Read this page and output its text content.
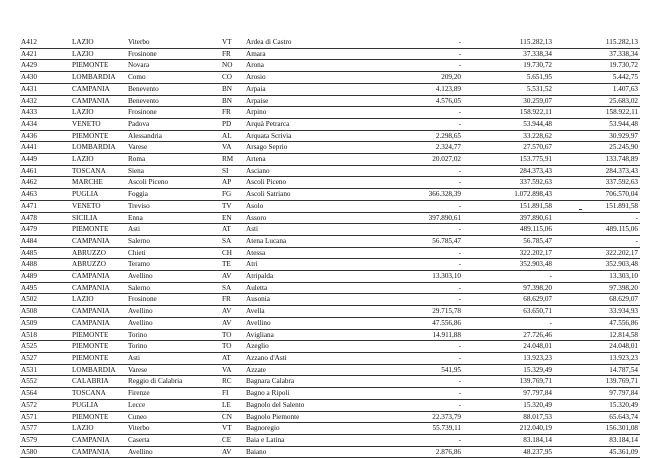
A412	LAZIO	Viterbo	VT	Ardea di Castro	-	115.282,13	115.282,13
A421	LAZIO	Frosinone	FR	Amara	-	37.338,34	37.338,34
A429	PIEMONTE	Novara	NO	Arona	-	19.730,72	19.730,72
A430	LOMBARDIA	Como	CO	Arosio	209,20	5.651,95	5.442,75
A431	CAMPANIA	Benevento	BN	Arpaia	4.123,89	5.531,52	1.407,63
A432	CAMPANIA	Benevento	BN	Arpaise	4.576,05	30.259,07	25.683,02
A433	LAZIO	Frosinone	FR	Arpino	-	158.922,11	158.922,11
A434	VENETO	Padova	PD	Arquà Petrarca	-	53.944,48	53.944,48
A436	PIEMONTE	Alessandria	AL	Arquata Scrivia	2.298,65	33.228,62	30.929,97
A441	LOMBARDIA	Varese	VA	Arsago Seprio	2.324,77	27.570,67	25.245,90
A449	LAZIO	Roma	RM	Artena	20.027,02	153.775,91	133.748,89
A461	TOSCANA	Siena	SI	Asciano	-	284.373,43	284.373,43
A462	MARCHE	Ascoli Piceno	AP	Ascoli Piceno	-	337.592,63	337.592,63
A463	PUGLIA	Foggia	FG	Ascoli Satriano	366.328,39	1.072.898,43	706.570,04
A471	VENETO	Treviso	TV	Asolo	-	151.891,58	151.891,58
A478	SICILIA	Enna	EN	Assoro	397.890,61	397.890,61	-
A479	PIEMONTE	Asti	AT	Asti	-	489.115,06	489.115,06
A484	CAMPANIA	Salerno	SA	Atena Lucana	56.785,47	56.785,47	-
A485	ABRUZZO	Chieti	CH	Atessa	-	322.202,17	322.202,17
A488	ABRUZZO	Teramo	TE	Atri	-	352.903,48	352.903,48
A489	CAMPANIA	Avellino	AV	Atripalda	13.303,10	-	13.303,10
A495	CAMPANIA	Salerno	SA	Auletta	-	97.398,20	97.398,20
A502	LAZIO	Frosinone	FR	Ausonia	-	68.629,07	68.629,07
A508	CAMPANIA	Avellino	AV	Avella	29.715,78	63.650,71	33.934,93
A509	CAMPANIA	Avellino	AV	Avellino	47.556,86	-	47.556,86
A518	PIEMONTE	Torino	TO	Avigliana	14.911,88	27.726,46	12.814,58
A525	PIEMONTE	Torino	TO	Azeglio	-	24.048,01	24.048,01
A527	PIEMONTE	Asti	AT	Azzano d'Asti	-	13.923,23	13.923,23
A531	LOMBARDIA	Varese	VA	Azzate	541,95	15.329,49	14.787,54
A552	CALABRIA	Reggio di Calabria	RC	Bagnara Calabra	-	139.769,71	139.769,71
A564	TOSCANA	Firenze	FI	Bagno a Ripoli	-	97.797,84	97.797,84
A572	PUGLIA	Lecce	LE	Bagnolo del Salento	-	15.320,49	15.320,49
A571	PIEMONTE	Cuneo	CN	Bagnolo Piemonte	22.373,79	88.017,53	65.643,74
A577	LAZIO	Viterbo	VT	Bagnoregio	55.739,11	212.040,19	156.301,08
A579	CAMPANIA	Caserta	CE	Baia e Latina	-	83.184,14	83.184,14
A580	CAMPANIA	Avellino	AV	Baiano	2.876,86	48.237,95	45.361,09
